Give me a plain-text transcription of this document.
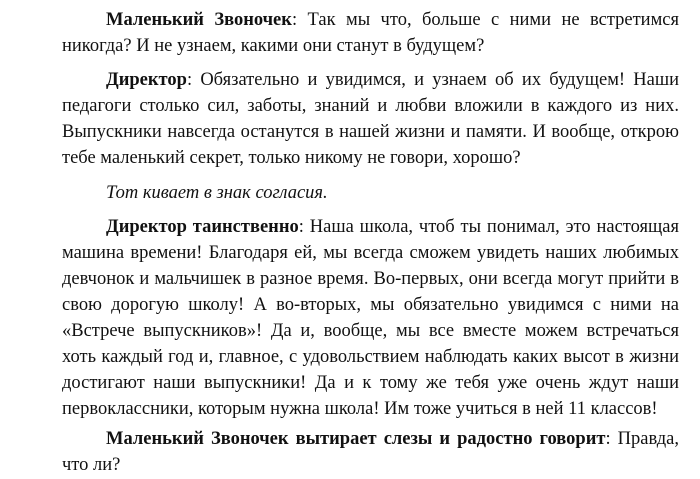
Маленький Звоночек: Так мы что, больше с ними не встретимся никогда? И не узнаем, какими они станут в будущем?

Директор: Обязательно и увидимся, и узнаем об их будущем! Наши педагоги столько сил, заботы, знаний и любви вложили в каждого из них. Выпускники навсегда останутся в нашей жизни и памяти. И вообще, открою тебе маленький секрет, только никому не говори, хорошо?

Тот кивает в знак согласия.

Директор таинственно: Наша школа, чтоб ты понимал, это настоящая машина времени! Благодаря ей, мы всегда сможем увидеть наших любимых девчонок и мальчишек в разное время. Во-первых, они всегда могут прийти в свою дорогую школу! А во-вторых, мы обязательно увидимся с ними на «Встрече выпускников»! Да и, вообще, мы все вместе можем встречаться хоть каждый год и, главное, с удовольствием наблюдать каких высот в жизни достигают наши выпускники! Да и к тому же тебя уже очень ждут наши первоклассники, которым нужна школа! Им тоже учиться в ней 11 классов!

Маленький Звоночек вытирает слезы и радостно говорит: Правда, что ли?
